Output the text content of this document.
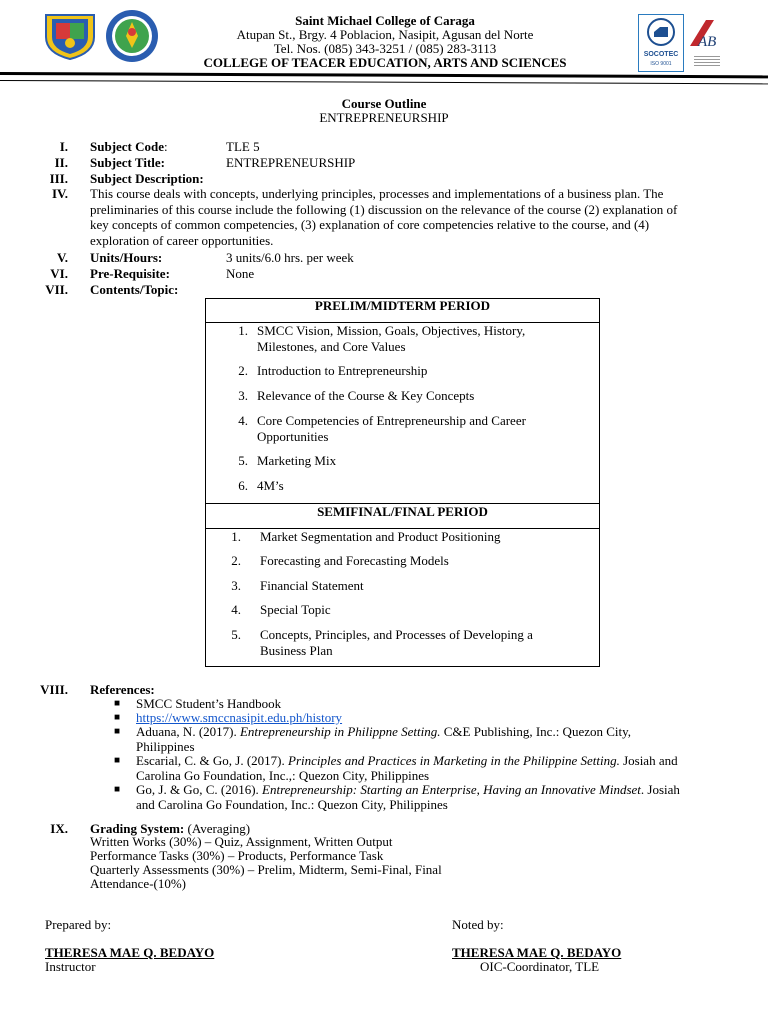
SOCOTEC
ISO 9001
AB
Saint Michael College of Caraga
Atupan St., Brgy. 4 Poblacion, Nasipit, Agusan del Norte
Tel. Nos. (085) 343-3251 / (085) 283-3113
COLLEGE OF TEACER EDUCATION, ARTS AND SCIENCES
Course Outline
ENTREPRENEURSHIP
I. Subject Code:	TLE 5
II. Subject Title:	ENTREPRENEURSHIP
III. Subject Description:
IV. This course deals with concepts, underlying principles, processes and implementations of a business plan. The
preliminaries of this course include the following (1) discussion on the relevance of the course (2) explanation of
key concepts of common competencies, (3) explanation of core competencies relative to the course, and (4)
exploration of career opportunities.
V. Units/Hours:	3 units/6.0 hrs. per week
VI. Pre-Requisite:	None
VII. Contents/Topic:
PRELIM/MIDTERM PERIOD
1. SMCC Vision, Mission, Goals, Objectives, History,
Milestones, and Core Values
2. Introduction to Entrepreneurship
3. Relevance of the Course & Key Concepts
4. Core Competencies of Entrepreneurship and Career
Opportunities
5. Marketing Mix
6. 4M’s
SEMIFINAL/FINAL PERIOD
1. Market Segmentation and Product Positioning
2. Forecasting and Forecasting Models
3. Financial Statement
4. Special Topic
5. Concepts, Principles, and Processes of Developing a
Business Plan
VIII. References:
■ SMCC Student’s Handbook
■ https://www.smccnasipit.edu.ph/history
■ Aduana, N. (2017). Entrepreneurship in Philippne Setting. C&E Publishing, Inc.: Quezon City,
Philippines
■ Escarial, C. & Go, J. (2017). Principles and Practices in Marketing in the Philippine Setting. Josiah and
Carolina Go Foundation, Inc.,: Quezon City, Philippines
■ Go, J. & Go, C. (2016). Entrepreneurship: Starting an Enterprise, Having an Innovative Mindset. Josiah
and Carolina Go Foundation, Inc.: Quezon City, Philippines
IX. Grading System: (Averaging)
Written Works (30%) – Quiz, Assignment, Written Output
Performance Tasks (30%) – Products, Performance Task
Quarterly Assessments (30%) – Prelim, Midterm, Semi-Final, Final
Attendance-(10%)
Prepared by:
THERESA MAE Q. BEDAYO
Instructor
Noted by:
THERESA MAE Q. BEDAYO
OIC-Coordinator, TLE
